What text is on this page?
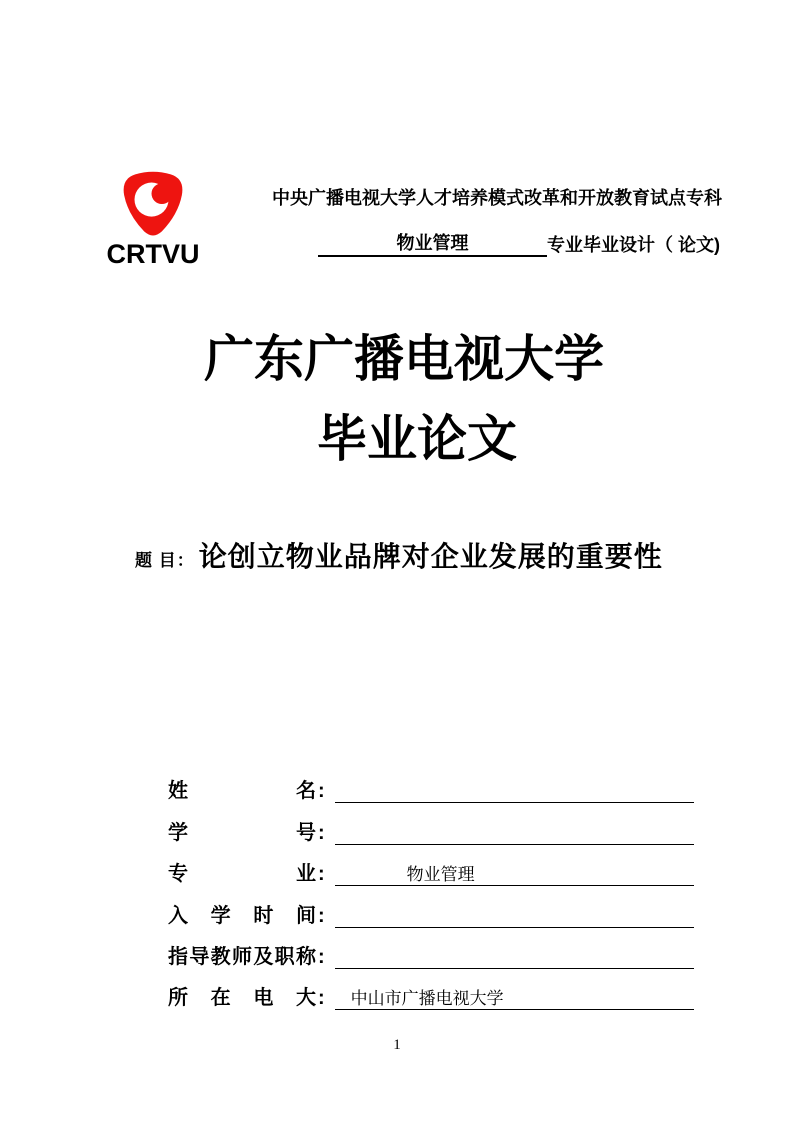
CRTVU
中央广播电视大学人才培养模式改革和开放教育试点专科
物业管理	专业毕业设计（ 论文)
广东广播电视大学
毕业论文
题 目： 论创立物业品牌对企业发展的重要性
姓	名 :
学	号 :
专	业 :	物业管理
入 学 时 间 :
指 导 教 师 及 职 称 :
所 在 电 大 :	中山市广播电视大学
1
